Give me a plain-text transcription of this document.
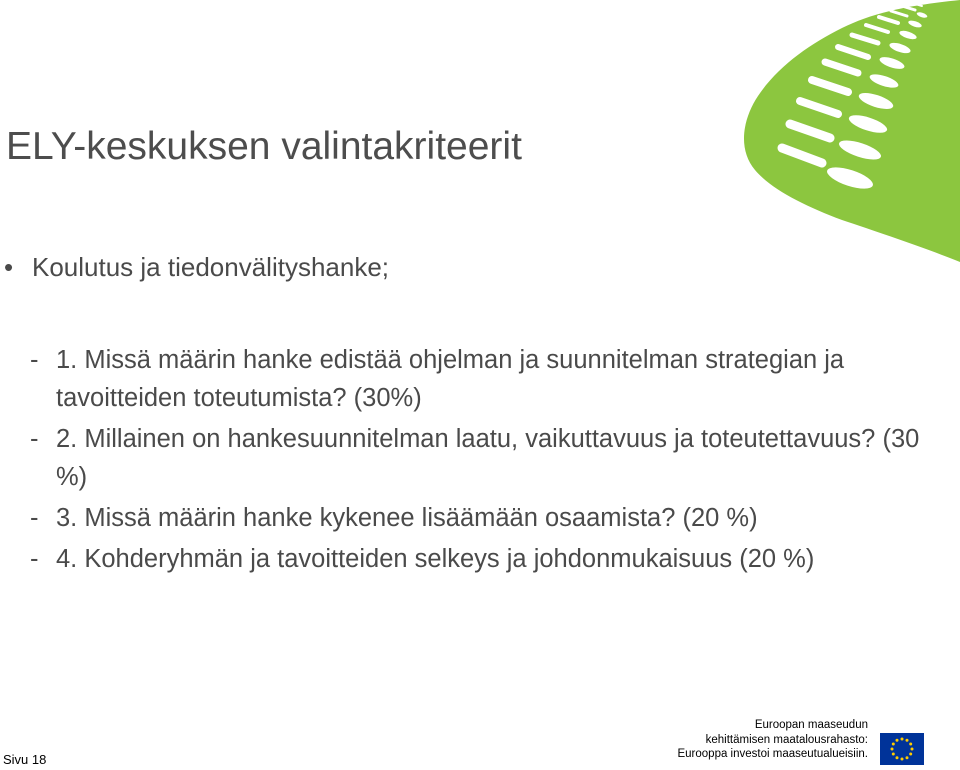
ELY-keskuksen valintakriteerit
• Koulutus ja tiedonvälityshanke;
- 1. Missä määrin hanke edistää ohjelman ja suunnitelman strategian ja tavoitteiden toteutumista? (30%)
- 2. Millainen on hankesuunnitelman laatu, vaikuttavuus ja toteutettavuus? (30 %)
- 3. Missä määrin hanke kykenee lisäämään osaamista? (20 %)
- 4. Kohderyhmän ja tavoitteiden selkeys ja johdonmukaisuus (20 %)
Sivu 18
Euroopan maaseudun
kehittämisen maatalousrahasto:
Eurooppa investoi maaseutualueisiin.
